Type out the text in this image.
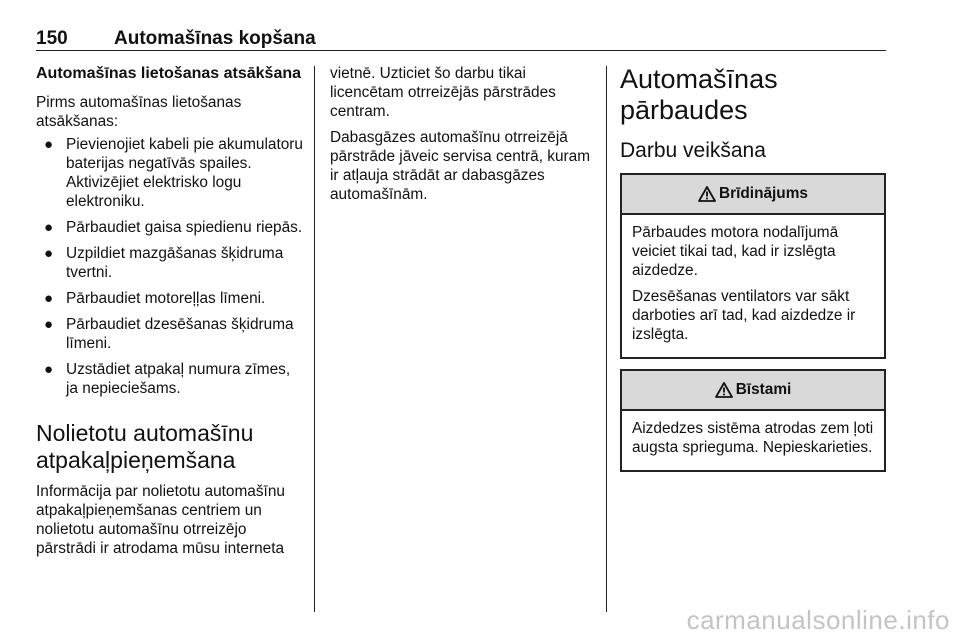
150 Automašīnas kopšana
Automašīnas lietošanas atsākšana

Pirms automašīnas lietošanas atsākšanas:

● Pievienojiet kabeli pie akumulatoru baterijas negatīvās spailes. Aktivizējiet elektrisko logu elektroniku.
● Pārbaudiet gaisa spiedienu riepās.
● Uzpildiet mazgāšanas šķidruma tvertni.
● Pārbaudiet motoreļļas līmeni.
● Pārbaudiet dzesēšanas šķidruma līmeni.
● Uzstādiet atpakaļ numura zīmes, ja nepieciešams.
Nolietotu automašīnu atpakaļpieņemšana

Informācija par nolietotu automašīnu atpakaļpieņemšanas centriem un nolietotu automašīnu otrreizējo pārstrādi ir atrodama mūsu interneta

vietnē. Uzticiet šo darbu tikai licencētam otrreizējās pārstrādes centram.

Dabasgāzes automašīnu otrreizējā pārstrāde jāveic servisa centrā, kuram ir atļauja strādāt ar dabasgāzes automašīnām.

Automašīnas pārbaudes
Darbu veikšana
Brīdinājums

Pārbaudes motora nodalījumā veiciet tikai tad, kad ir izslēgta aizdedze.

Dzesēšanas ventilators var sākt darboties arī tad, kad aizdedze ir izslēgta.

Bīstami

Aizdedzes sistēma atrodas zem ļoti augsta sprieguma. Nepieskarieties.

carmanualsonline.info
